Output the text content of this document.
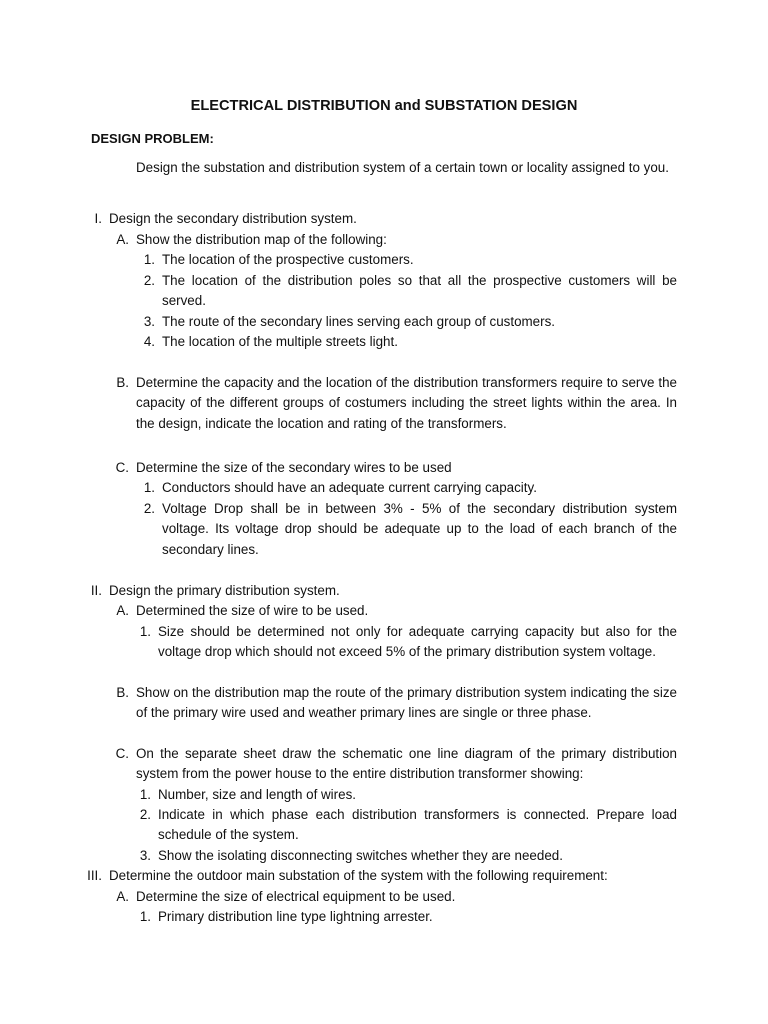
ELECTRICAL DISTRIBUTION and SUBSTATION DESIGN
DESIGN PROBLEM:
Design the substation and distribution system of a certain town or locality assigned to you.
I. Design the secondary distribution system.
A. Show the distribution map of the following:
1. The location of the prospective customers.
2. The location of the distribution poles so that all the prospective customers will be served.
3. The route of the secondary lines serving each group of customers.
4. The location of the multiple streets light.
B. Determine the capacity and the location of the distribution transformers require to serve the capacity of the different groups of costumers including the street lights within the area. In the design, indicate the location and rating of the transformers.
C. Determine the size of the secondary wires to be used
1. Conductors should have an adequate current carrying capacity.
2. Voltage Drop shall be in between 3% - 5% of the secondary distribution system voltage. Its voltage drop should be adequate up to the load of each branch of the secondary lines.
II. Design the primary distribution system.
A. Determined the size of wire to be used.
1. Size should be determined not only for adequate carrying capacity but also for the voltage drop which should not exceed 5% of the primary distribution system voltage.
B. Show on the distribution map the route of the primary distribution system indicating the size of the primary wire used and weather primary lines are single or three phase.
C. On the separate sheet draw the schematic one line diagram of the primary distribution system from the power house to the entire distribution transformer showing:
1. Number, size and length of wires.
2. Indicate in which phase each distribution transformers is connected. Prepare load schedule of the system.
3. Show the isolating disconnecting switches whether they are needed.
III. Determine the outdoor main substation of the system with the following requirement:
A. Determine the size of electrical equipment to be used.
1. Primary distribution line type lightning arrester.
